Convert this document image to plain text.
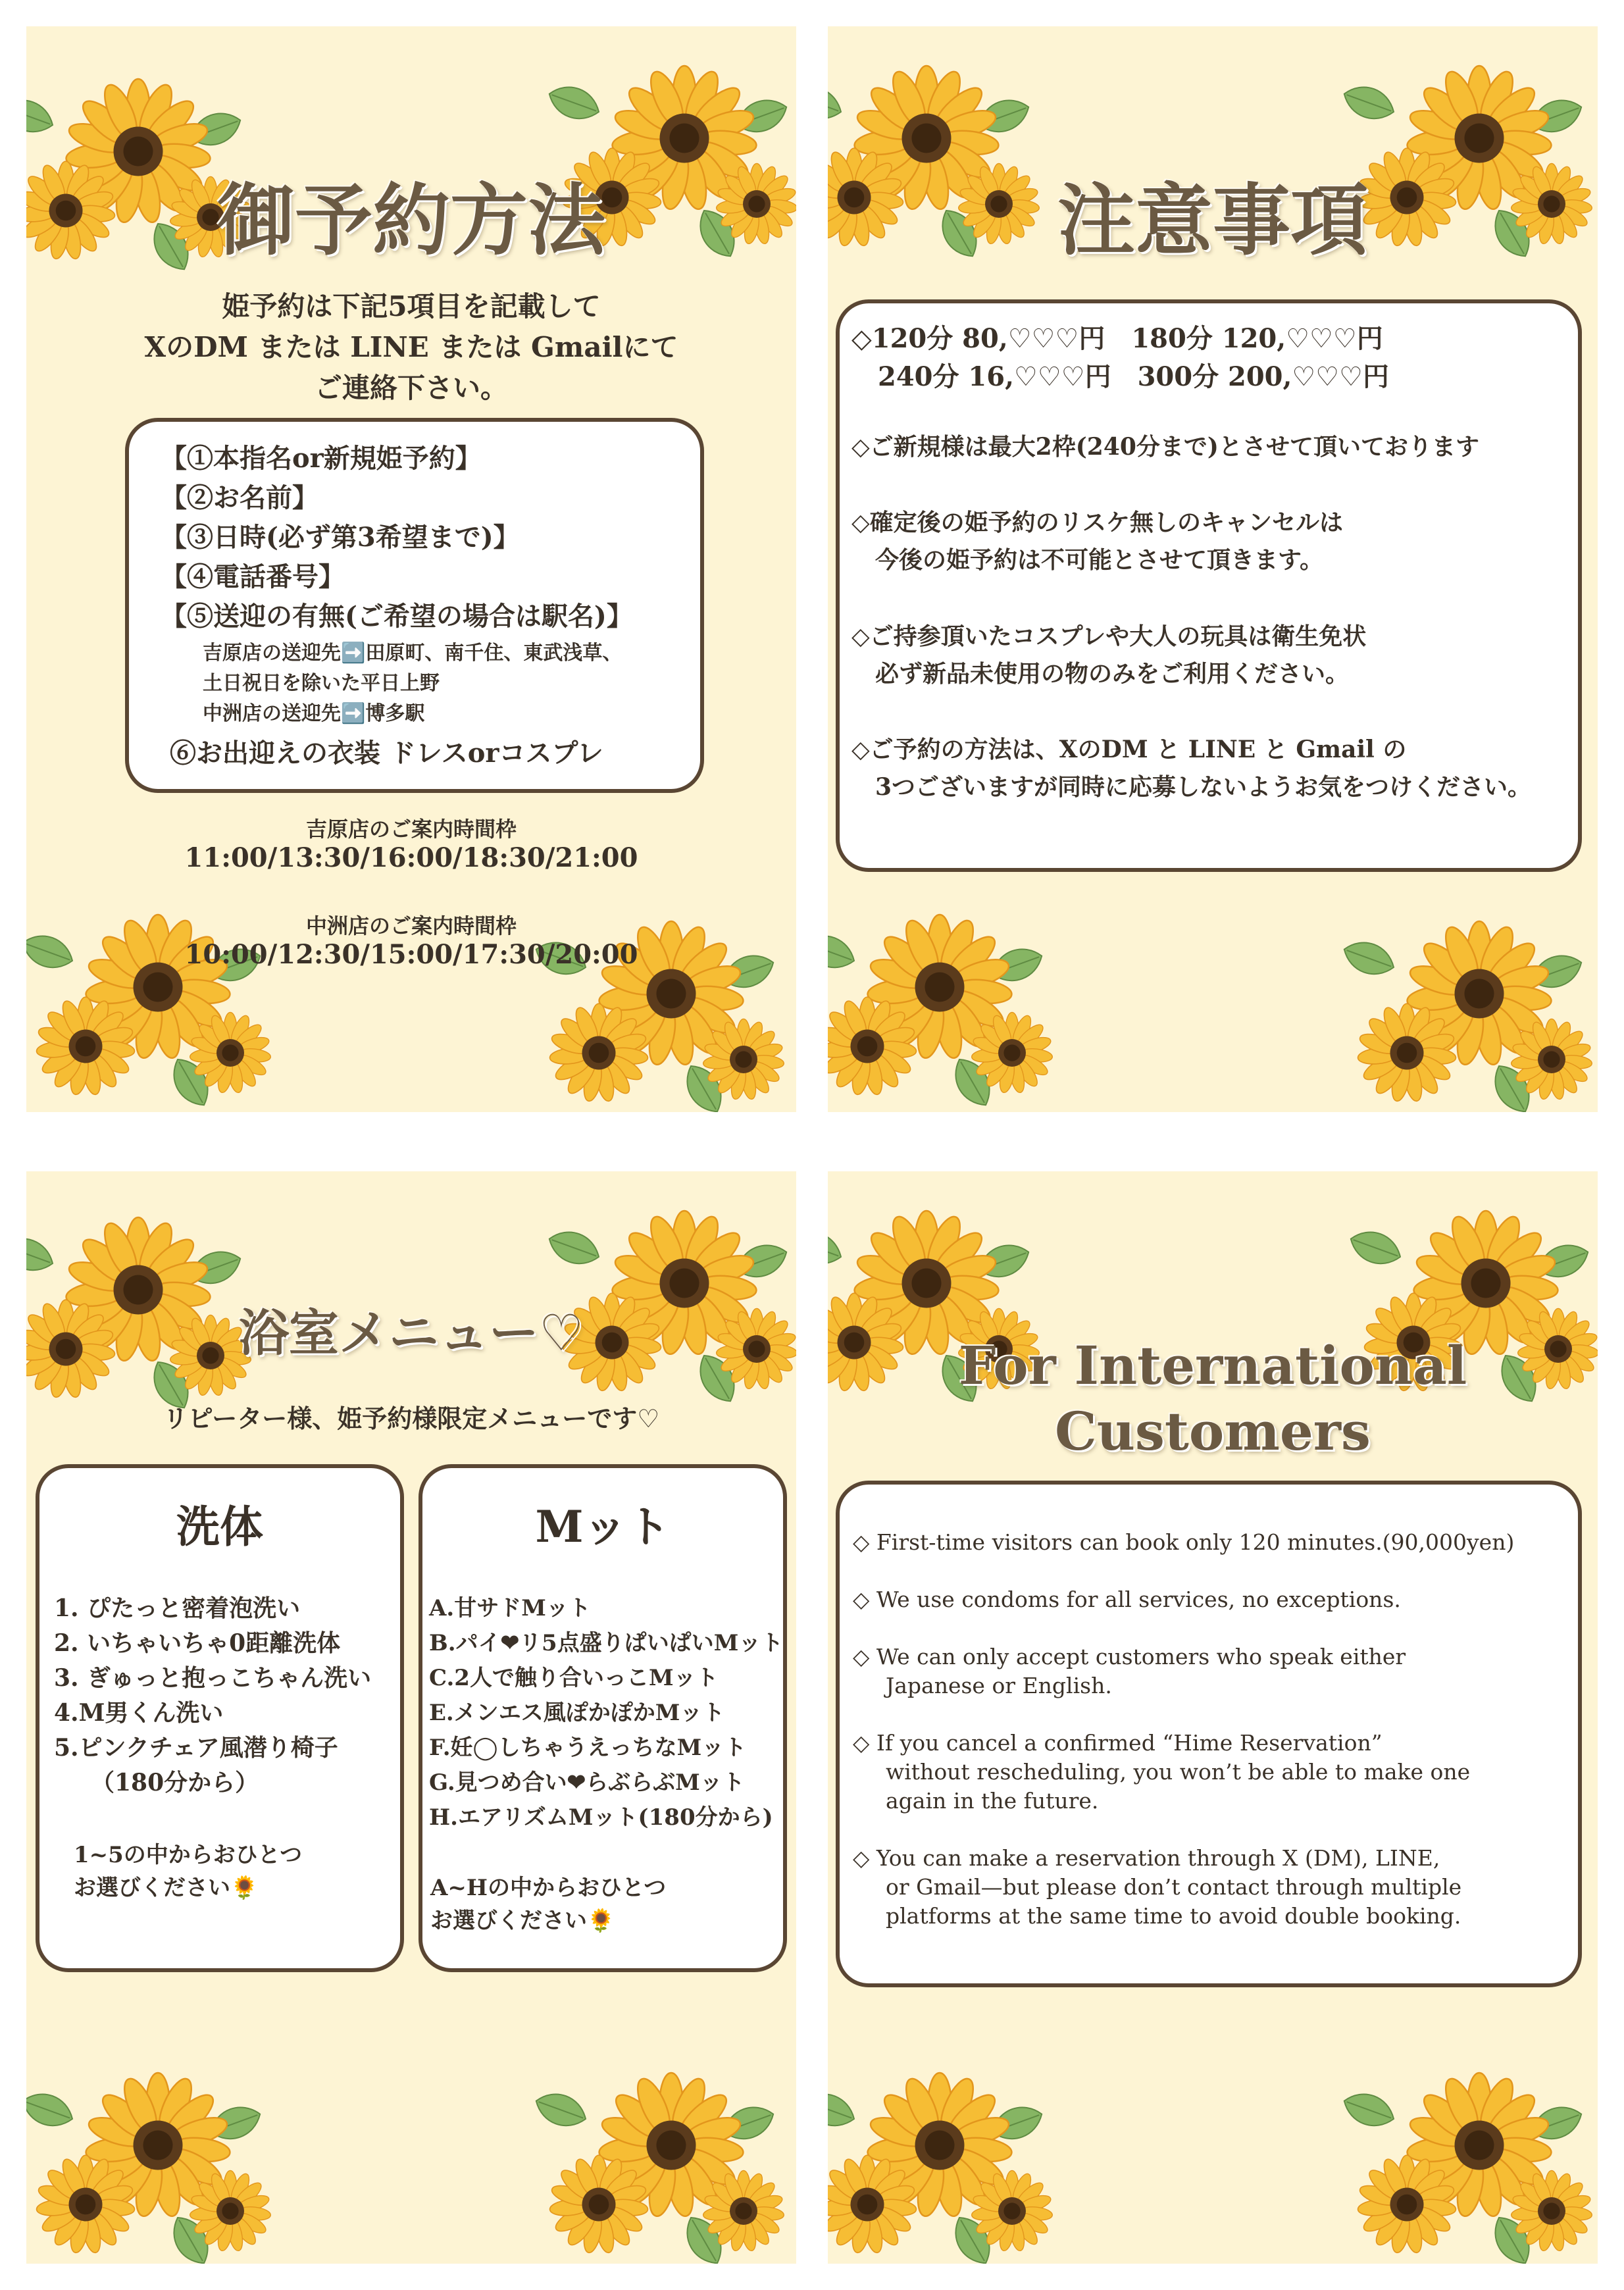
御予約方法
姫予約は下記5項目を記載して
XのDM または LINE または Gmailにて
ご連絡下さい。
【①本指名or新規姫予約】
【②お名前】
【③日時(必ず第3希望まで)】
【④電話番号】
【⑤送迎の有無(ご希望の場合は駅名)】
吉原店の送迎先➡️田原町、南千住、東武浅草、
土日祝日を除いた平日上野
中洲店の送迎先➡️博多駅
⑥お出迎えの衣装 ドレスorコスプレ
吉原店のご案内時間枠
11:00/13:30/16:00/18:30/21:00
中洲店のご案内時間枠
10:00/12:30/15:00/17:30/20:00
注意事項
◇120分 80,♡♡♡円　180分 120,♡♡♡円
　240分 16,♡♡♡円　300分 200,♡♡♡円
◇ご新規様は最大2枠(240分まで)とさせて頂いております
◇確定後の姫予約のリスケ無しのキャンセルは
　今後の姫予約は不可能とさせて頂きます。
◇ご持参頂いたコスプレや大人の玩具は衛生免状
　必ず新品未使用の物のみをご利用ください。
◇ご予約の方法は、XのDM と LINE と Gmail の
　3つございますが同時に応募しないようお気をつけください。
浴室メニュー♡
リピーター様、姫予約様限定メニューです♡
洗体
1. ぴたっと密着泡洗い
2. いちゃいちゃ0距離洗体
3. ぎゅっと抱っこちゃん洗い
4.M男くん洗い
5.ピンクチェア風潜り椅子
　（180分から）
1~5の中からおひとつ
お選びください🌻
Mット
A.甘サドMット
B.パイ❤リ5点盛りぱいぱいMット
C.2人で触り合いっこMット
E.メンエス風ぽかぽかMット
F.妊◯しちゃうえっちなMット
G.見つめ合い❤らぶらぶMット
H.エアリズムMット(180分から)
A~Hの中からおひとつ
お選びください🌻
For International
Customers
◇ First-time visitors can book only 120 minutes.(90,000yen)
◇ We use condoms for all services, no exceptions.
◇ We can only accept customers who speak either
Japanese or English.
◇ If you cancel a confirmed “Hime Reservation”
without rescheduling, you won’t be able to make one
again in the future.
◇ You can make a reservation through X (DM), LINE,
or Gmail—but please don’t contact through multiple
platforms at the same time to avoid double booking.
